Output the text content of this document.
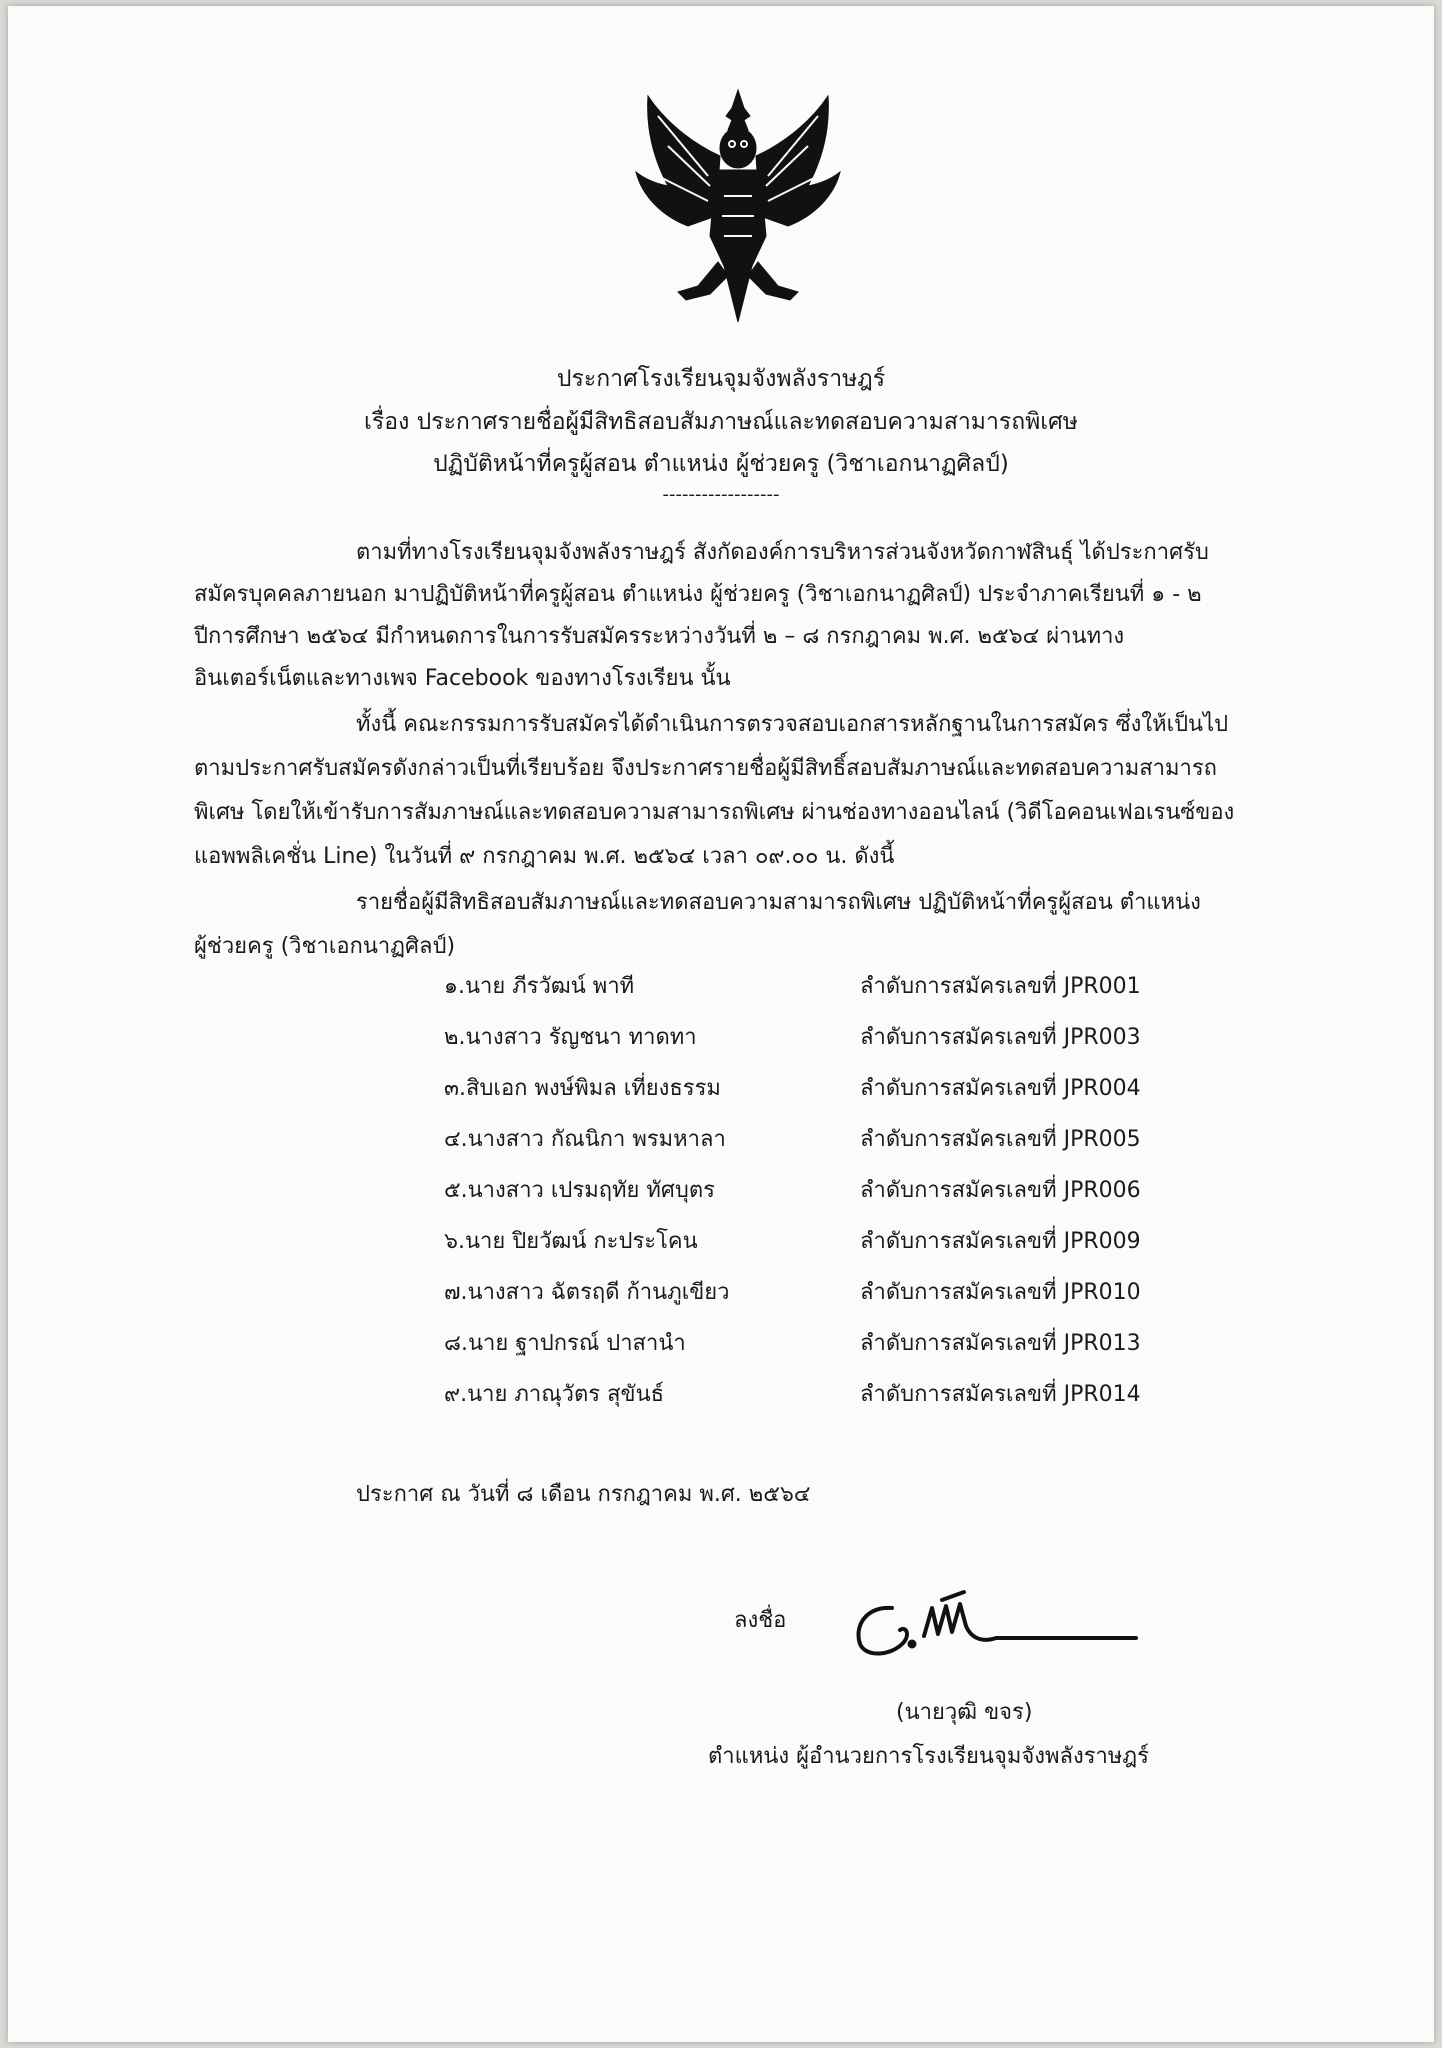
ประกาศโรงเรียนจุมจังพลังราษฎร์
เรื่อง ประกาศรายชื่อผู้มีสิทธิสอบสัมภาษณ์และทดสอบความสามารถพิเศษ
ปฏิบัติหน้าที่ครูผู้สอน ตำแหน่ง ผู้ช่วยครู (วิชาเอกนาฏศิลป์)
------------------
ตามที่ทางโรงเรียนจุมจังพลังราษฎร์ สังกัดองค์การบริหารส่วนจังหวัดกาฬสินธุ์ ได้ประกาศรับ
สมัครบุคคลภายนอก มาปฏิบัติหน้าที่ครูผู้สอน ตำแหน่ง ผู้ช่วยครู (วิชาเอกนาฏศิลป์) ประจำภาคเรียนที่ ๑ - ๒
ปีการศึกษา ๒๕๖๔ มีกำหนดการในการรับสมัครระหว่างวันที่ ๒ – ๘ กรกฎาคม พ.ศ. ๒๕๖๔ ผ่านทาง
อินเตอร์เน็ตและทางเพจ Facebook ของทางโรงเรียน นั้น
ทั้งนี้ คณะกรรมการรับสมัครได้ดำเนินการตรวจสอบเอกสารหลักฐานในการสมัคร ซึ่งให้เป็นไป
ตามประกาศรับสมัครดังกล่าวเป็นที่เรียบร้อย จึงประกาศรายชื่อผู้มีสิทธิ์สอบสัมภาษณ์และทดสอบความสามารถ
พิเศษ โดยให้เข้ารับการสัมภาษณ์และทดสอบความสามารถพิเศษ ผ่านช่องทางออนไลน์ (วิดีโอคอนเฟอเรนซ์ของ
แอพพลิเคชั่น Line) ในวันที่ ๙ กรกฎาคม พ.ศ. ๒๕๖๔ เวลา ๐๙.๐๐ น. ดังนี้
รายชื่อผู้มีสิทธิสอบสัมภาษณ์และทดสอบความสามารถพิเศษ ปฏิบัติหน้าที่ครูผู้สอน ตำแหน่ง
ผู้ช่วยครู (วิชาเอกนาฏศิลป์)
๑.นาย ภีรวัฒน์ พาที	ลำดับการสมัครเลขที่ JPR001
๒.นางสาว รัญชนา ทาดทา	ลำดับการสมัครเลขที่ JPR003
๓.สิบเอก พงษ์พิมล เที่ยงธรรม	ลำดับการสมัครเลขที่ JPR004
๔.นางสาว กัณนิกา พรมหาลา	ลำดับการสมัครเลขที่ JPR005
๕.นางสาว เปรมฤทัย ทัศบุตร	ลำดับการสมัครเลขที่ JPR006
๖.นาย ปิยวัฒน์ กะประโคน	ลำดับการสมัครเลขที่ JPR009
๗.นางสาว ฉัตรฤดี ก้านภูเขียว	ลำดับการสมัครเลขที่ JPR010
๘.นาย ฐาปกรณ์ ปาสานำ	ลำดับการสมัครเลขที่ JPR013
๙.นาย ภาณุวัตร สุขันธ์	ลำดับการสมัครเลขที่ JPR014
ประกาศ ณ วันที่ ๘ เดือน กรกฎาคม พ.ศ. ๒๕๖๔
ลงชื่อ
(นายวุฒิ ขจร)
ตำแหน่ง ผู้อำนวยการโรงเรียนจุมจังพลังราษฎร์
